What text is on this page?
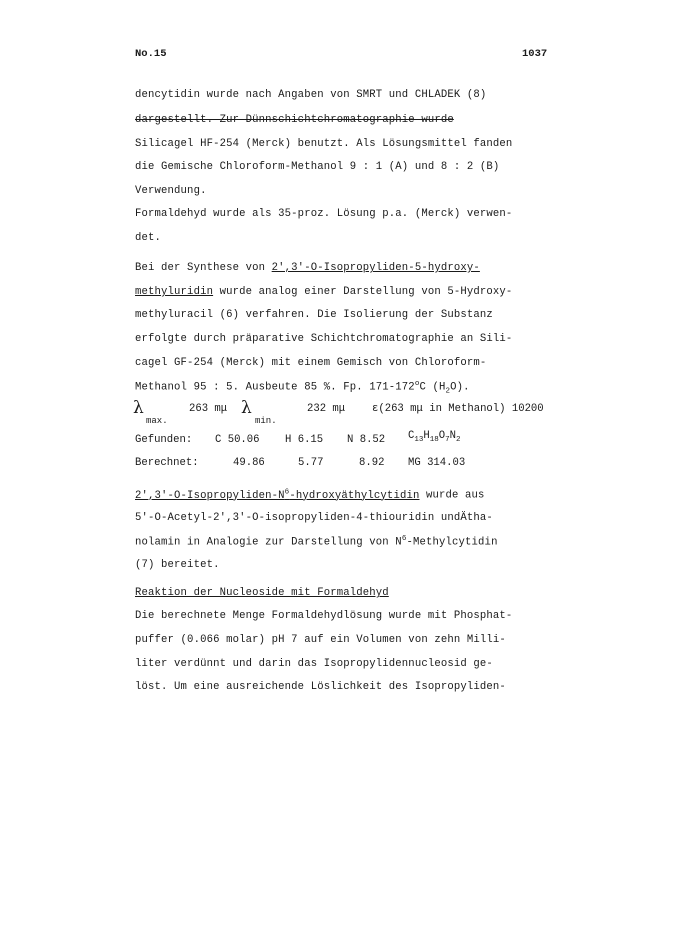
No.15	1037
dencytidin wurde nach Angaben von SMRT und CHLADEK (8)
dargestellt. Zur Dünnschichtchromatographie wurde
Silicagel HF-254 (Merck) benutzt. Als Lösungsmittel fanden
die Gemische Chloroform-Methanol 9 : 1 (A) und 8 : 2 (B)
Verwendung.
Formaldehyd wurde als 35-proz. Lösung p.a. (Merck) verwen-
det.
Bei der Synthese von 2',3'-O-Isopropyliden-5-hydroxy-
methyluridin wurde analog einer Darstellung von 5-Hydroxy-
methyluracil (6) verfahren. Die Isolierung der Substanz
erfolgte durch präparative Schichtchromatographie an Sili-
cagel GF-254 (Merck) mit einem Gemisch von Chloroform-
Methanol 95 : 5. Ausbeute 85 %. Fp. 171-172$^o$C $(H_2O)$.
λ
max.
263 mμ λ
min.
232 mμ	ε(263 mμ in Methanol) 10200
Gefunden: C 50.06 H 6.15 N 8.52 $C_{13}H_{18}O_7N_2$
Berechnet:	49.86	5.77	8.92 MG 314.03
$2',3'-O-Isopropyliden-N^6$-hydroxyäthylcytidin wurde aus
5'-O-Acetyl-2',3'-O-isopropyliden-4-thiouridin undÄtha-
nolamin in Analogie zur Darstellung von $N^6$-Methylcytidin
(7) bereitet.
Reaktion der Nucleoside mit Formaldehyd
Die berechnete Menge Formaldehydlösung wurde mit Phosphat-
puffer (0.066 molar) pH 7 auf ein Volumen von zehn Milli-
liter verdünnt und darin das Isopropylidennucleosid ge-
löst. Um eine ausreichende Löslichkeit des Isopropyliden-
